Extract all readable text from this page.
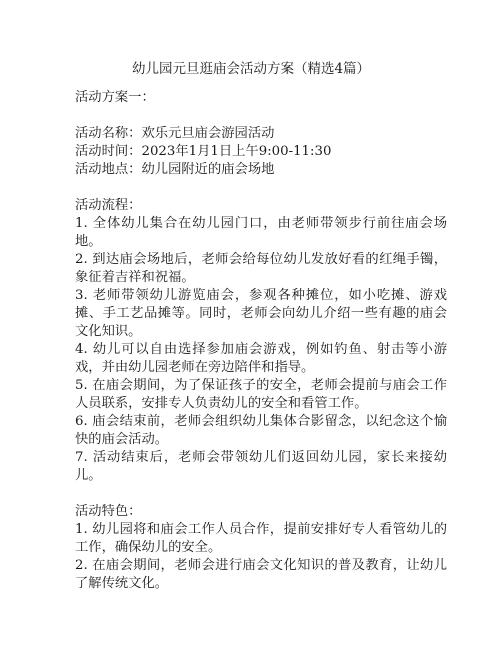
幼儿园元旦逛庙会活动方案（精选4篇）

活动方案一：

活动名称：欢乐元旦庙会游园活动

活动时间：2023年1月1日上午9:00-11:30

活动地点：幼儿园附近的庙会场地

活动流程：

1. 全体幼儿集合在幼儿园门口，由老师带领步行前往庙会场地。

2. 到达庙会场地后，老师会给每位幼儿发放好看的红绳手镯，象征着吉祥和祝福。

3. 老师带领幼儿游览庙会，参观各种摊位，如小吃摊、游戏摊、手工艺品摊等。同时，老师会向幼儿介绍一些有趣的庙会文化知识。

4. 幼儿可以自由选择参加庙会游戏，例如钓鱼、射击等小游戏，并由幼儿园老师在旁边陪伴和指导。

5. 在庙会期间，为了保证孩子的安全，老师会提前与庙会工作人员联系，安排专人负责幼儿的安全和看管工作。

6. 庙会结束前，老师会组织幼儿集体合影留念，以纪念这个愉快的庙会活动。

7. 活动结束后，老师会带领幼儿们返回幼儿园，家长来接幼儿。

活动特色：

1. 幼儿园将和庙会工作人员合作，提前安排好专人看管幼儿的工作，确保幼儿的安全。

2. 在庙会期间，老师会进行庙会文化知识的普及教育，让幼儿了解传统文化。
